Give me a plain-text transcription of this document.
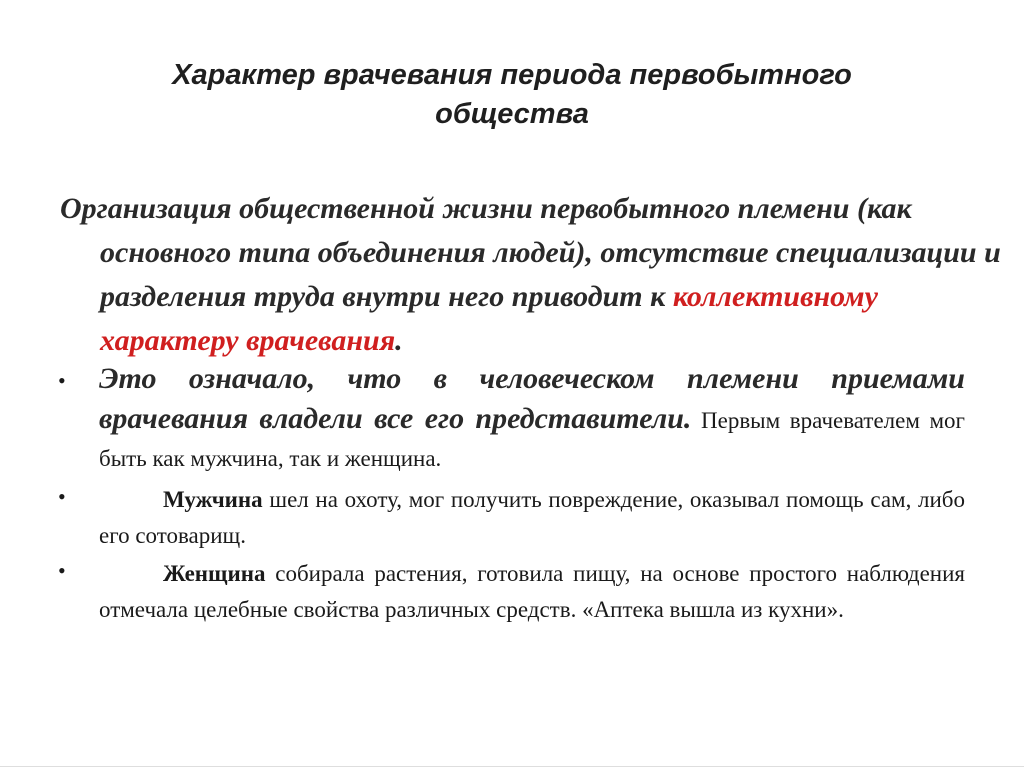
Характер врачевания периода первобытного
общества
Организация общественной жизни первобытного племени (как основного типа объединения людей), отсутствие специализации и разделения труда внутри него приводит к коллективному характеру врачевания.
• Это означало, что в человеческом племени приемами врачевания владели все его представители. Первым врачевателем мог быть как мужчина, так и женщина.
•	Мужчина шел на охоту, мог получить повреждение, оказывал помощь сам, либо его сотоварищ.
•	Женщина собирала растения, готовила пищу, на основе простого наблюдения отмечала целебные свойства различных средств. «Аптека вышла из кухни».
